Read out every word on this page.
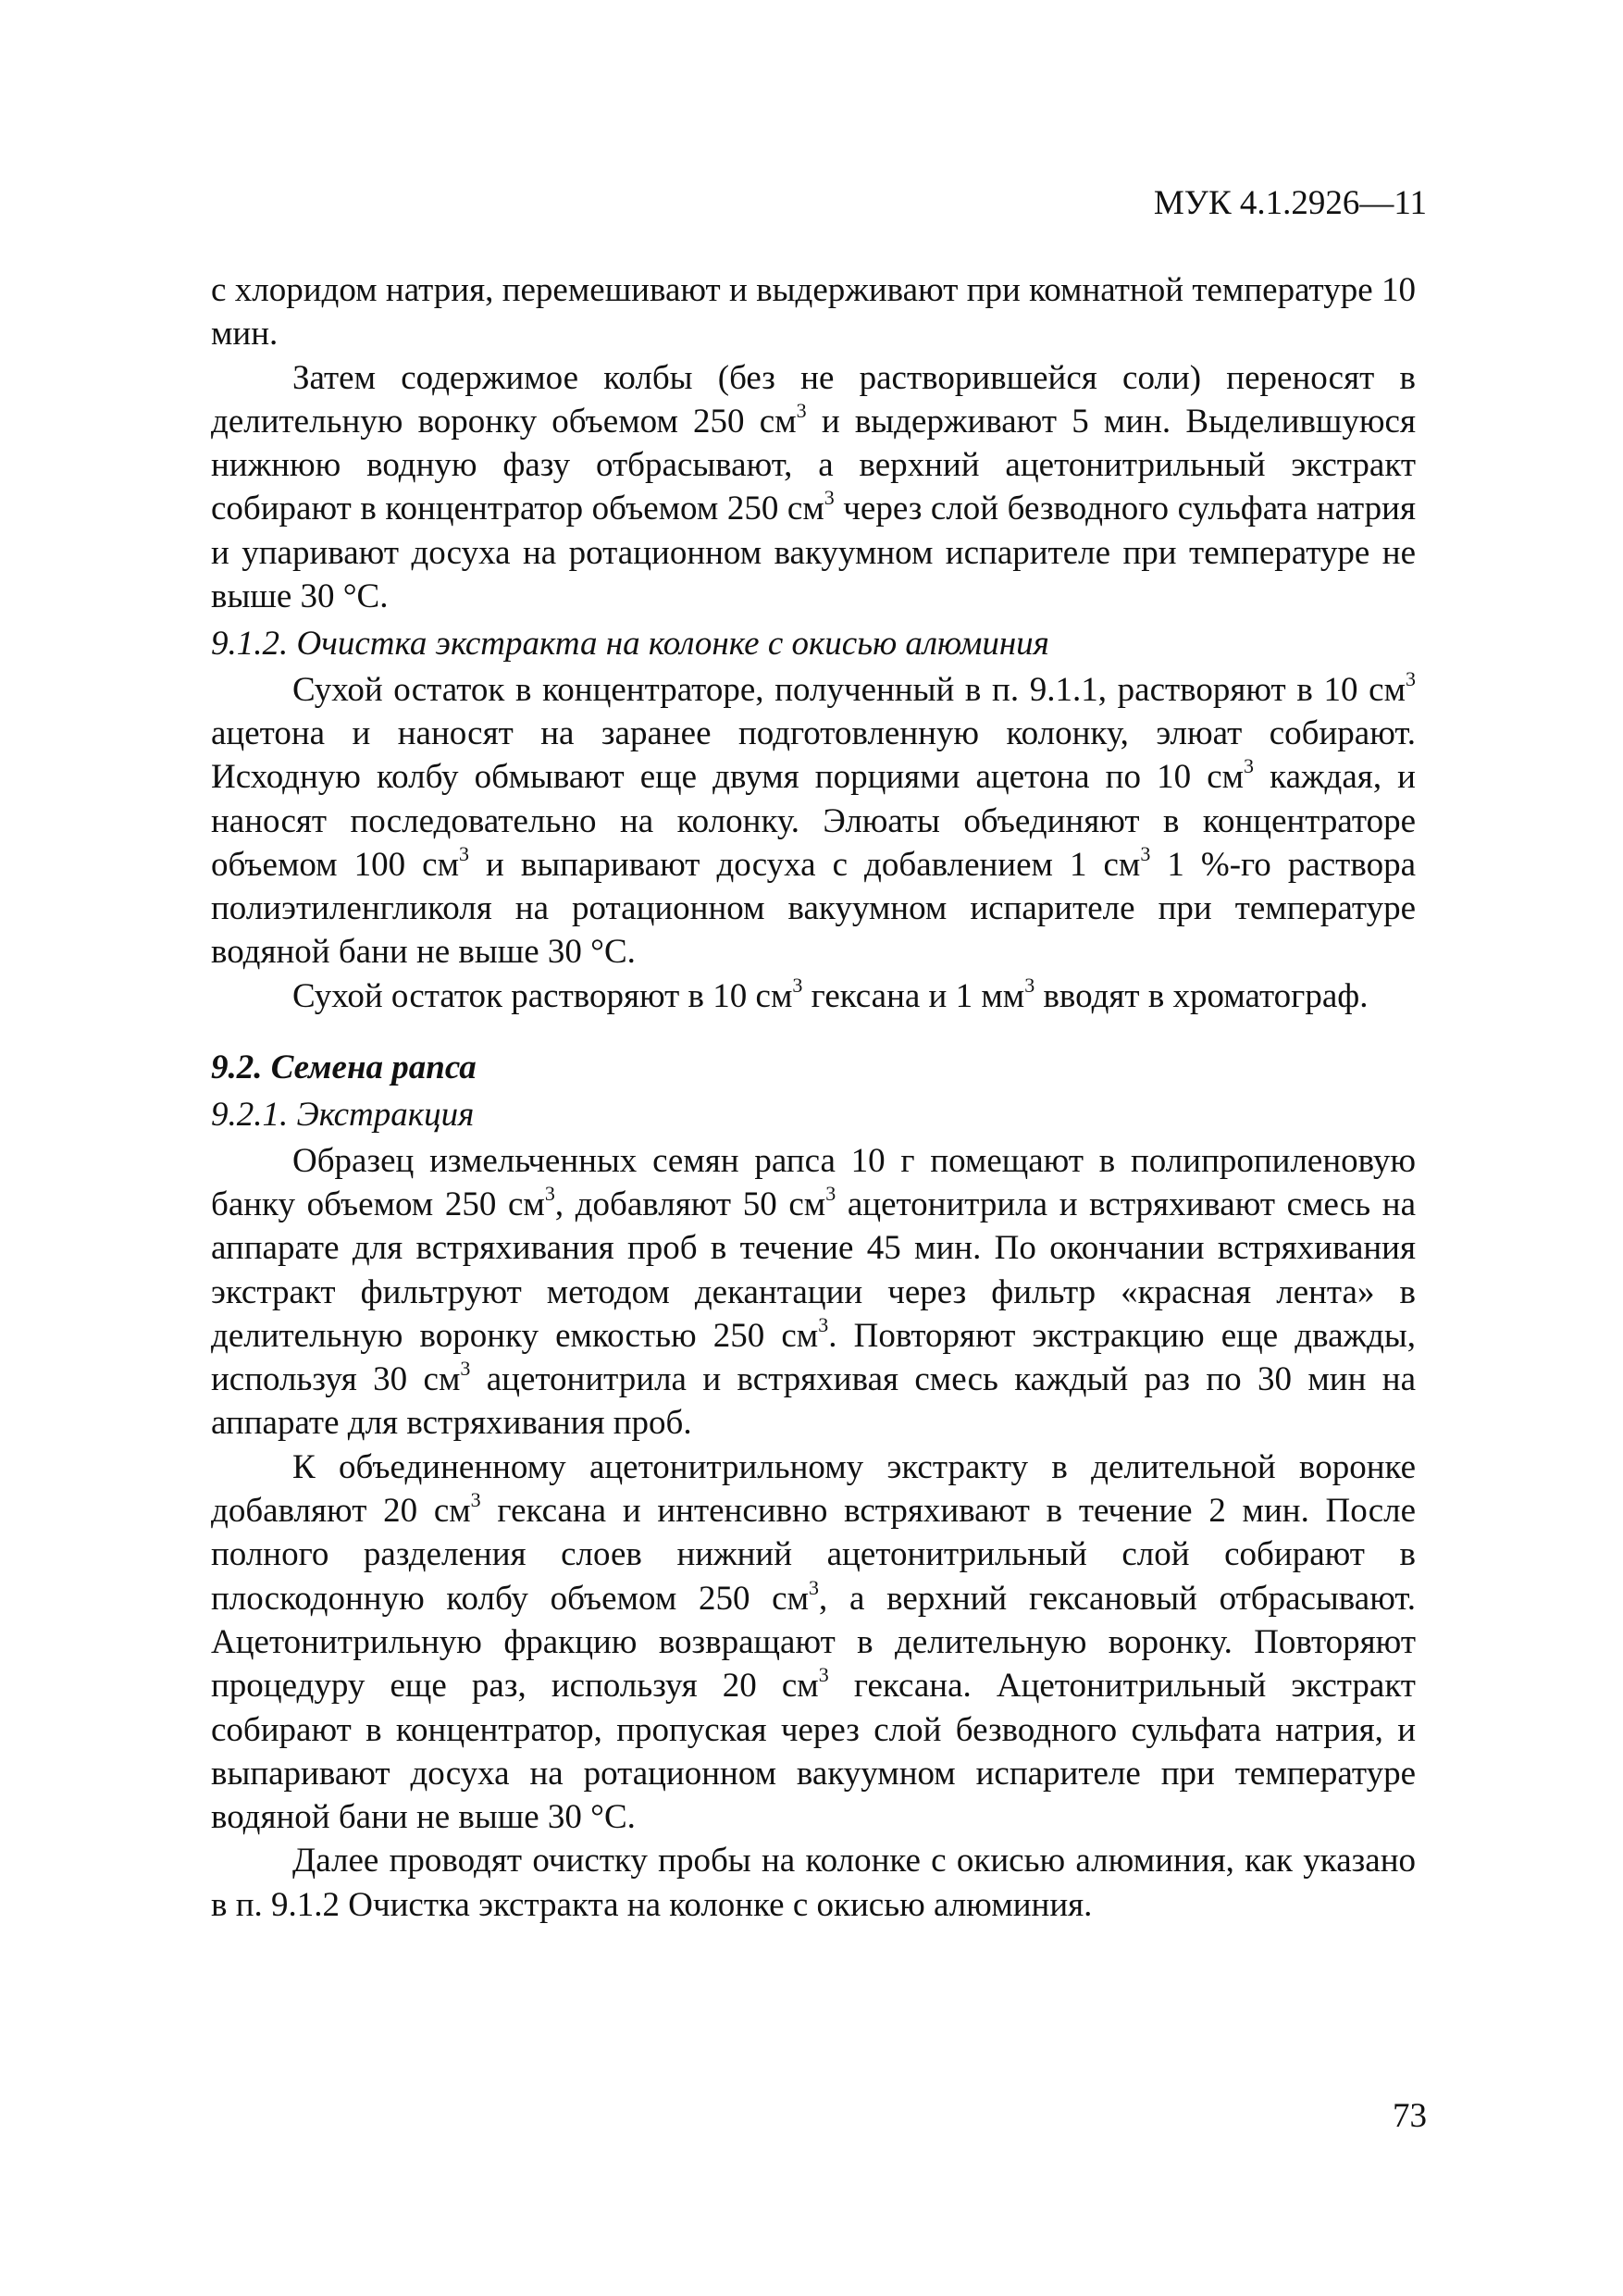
МУК 4.1.2926—11

с хлоридом натрия, перемешивают и выдерживают при комнатной температуре 10 мин.

Затем содержимое колбы (без не растворившейся соли) переносят в делительную воронку объемом 250 $см^3$ и выдерживают 5 мин. Выделившуюся нижнюю водную фазу отбрасывают, а верхний ацетонитрильный экстракт собирают в концентратор объемом 250 $см^3$ через слой безводного сульфата натрия и упаривают досуха на ротационном вакуумном испарителе при температуре не выше 30 °С.

9.1.2. Очистка экстракта на колонке с окисью алюминия

Сухой остаток в концентраторе, полученный в п. 9.1.1, растворяют в 10 $см^3$ ацетона и наносят на заранее подготовленную колонку, элюат собирают. Исходную колбу обмывают еще двумя порциями ацетона по 10 $см^3$ каждая, и наносят последовательно на колонку. Элюаты объединяют в концентраторе объемом 100 $см^3$ и выпаривают досуха с добавлением 1 $см^3$ 1 %-го раствора полиэтиленгликоля на ротационном вакуумном испарителе при температуре водяной бани не выше 30 °С.

Сухой остаток растворяют в 10 $см^3$ гексана и 1 $мм^3$ вводят в хроматограф.

9.2. Семена рапса

9.2.1. Экстракция

Образец измельченных семян рапса 10 г помещают в полипропиленовую банку объемом 250 $см^3$, добавляют 50 $см^3$ ацетонитрила и встряхивают смесь на аппарате для встряхивания проб в течение 45 мин. По окончании встряхивания экстракт фильтруют методом декантации через фильтр «красная лента» в делительную воронку емкостью 250 $см^3$. Повторяют экстракцию еще дважды, используя 30 $см^3$ ацетонитрила и встряхивая смесь каждый раз по 30 мин на аппарате для встряхивания проб.

К объединенному ацетонитрильному экстракту в делительной воронке добавляют 20 $см^3$ гексана и интенсивно встряхивают в течение 2 мин. После полного разделения слоев нижний ацетонитрильный слой собирают в плоскодонную колбу объемом 250 $см^3$, а верхний гексановый отбрасывают. Ацетонитрильную фракцию возвращают в делительную воронку. Повторяют процедуру еще раз, используя 20 $см^3$ гексана. Ацетонитрильный экстракт собирают в концентратор, пропуская через слой безводного сульфата натрия, и выпаривают досуха на ротационном вакуумном испарителе при температуре водяной бани не выше 30 °С.

Далее проводят очистку пробы на колонке с окисью алюминия, как указано в п. 9.1.2 Очистка экстракта на колонке с окисью алюминия.

73
